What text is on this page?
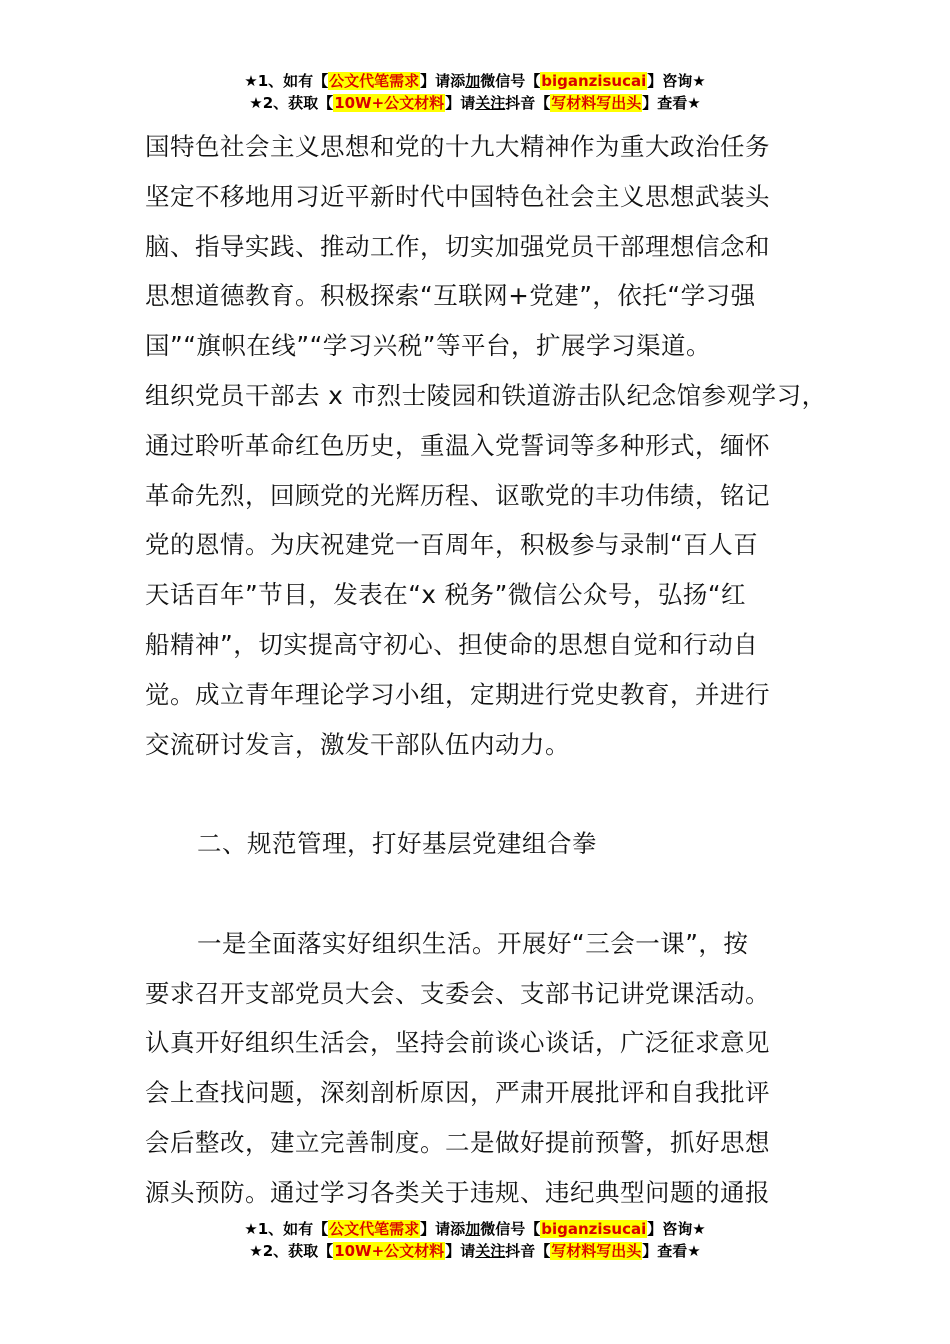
★1、如有【公文代笔需求】请添加微信号【biganzisucai】咨询★
★2、获取【10W+公文材料】请关注抖音【写材料写出头】查看★

国特色社会主义思想和党的十九大精神作为重大政治任务

坚定不移地用习近平新时代中国特色社会主义思想武装头

脑、指导实践、推动工作，切实加强党员干部理想信念和

思想道德教育。积极探索“互联网+党建”，依托“学习强

国”“旗帜在线”“学习兴税”等平台，扩展学习渠道。

组织党员干部去 x 市烈士陵园和铁道游击队纪念馆参观学习，

通过聆听革命红色历史，重温入党誓词等多种形式，缅怀

革命先烈，回顾党的光辉历程、讴歌党的丰功伟绩，铭记

党的恩情。为庆祝建党一百周年，积极参与录制“百人百

天话百年”节目，发表在“x 税务”微信公众号，弘扬“红

船精神”，切实提高守初心、担使命的思想自觉和行动自

觉。成立青年理论学习小组，定期进行党史教育，并进行

交流研讨发言，激发干部队伍内动力。

二、规范管理，打好基层党建组合拳

一是全面落实好组织生活。开展好“三会一课”，按

要求召开支部党员大会、支委会、支部书记讲党课活动。

认真开好组织生活会，坚持会前谈心谈话，广泛征求意见

会上查找问题，深刻剖析原因，严肃开展批评和自我批评

会后整改，建立完善制度。二是做好提前预警，抓好思想

源头预防。通过学习各类关于违规、违纪典型问题的通报

★1、如有【公文代笔需求】请添加微信号【biganzisucai】咨询★
★2、获取【10W+公文材料】请关注抖音【写材料写出头】查看★
